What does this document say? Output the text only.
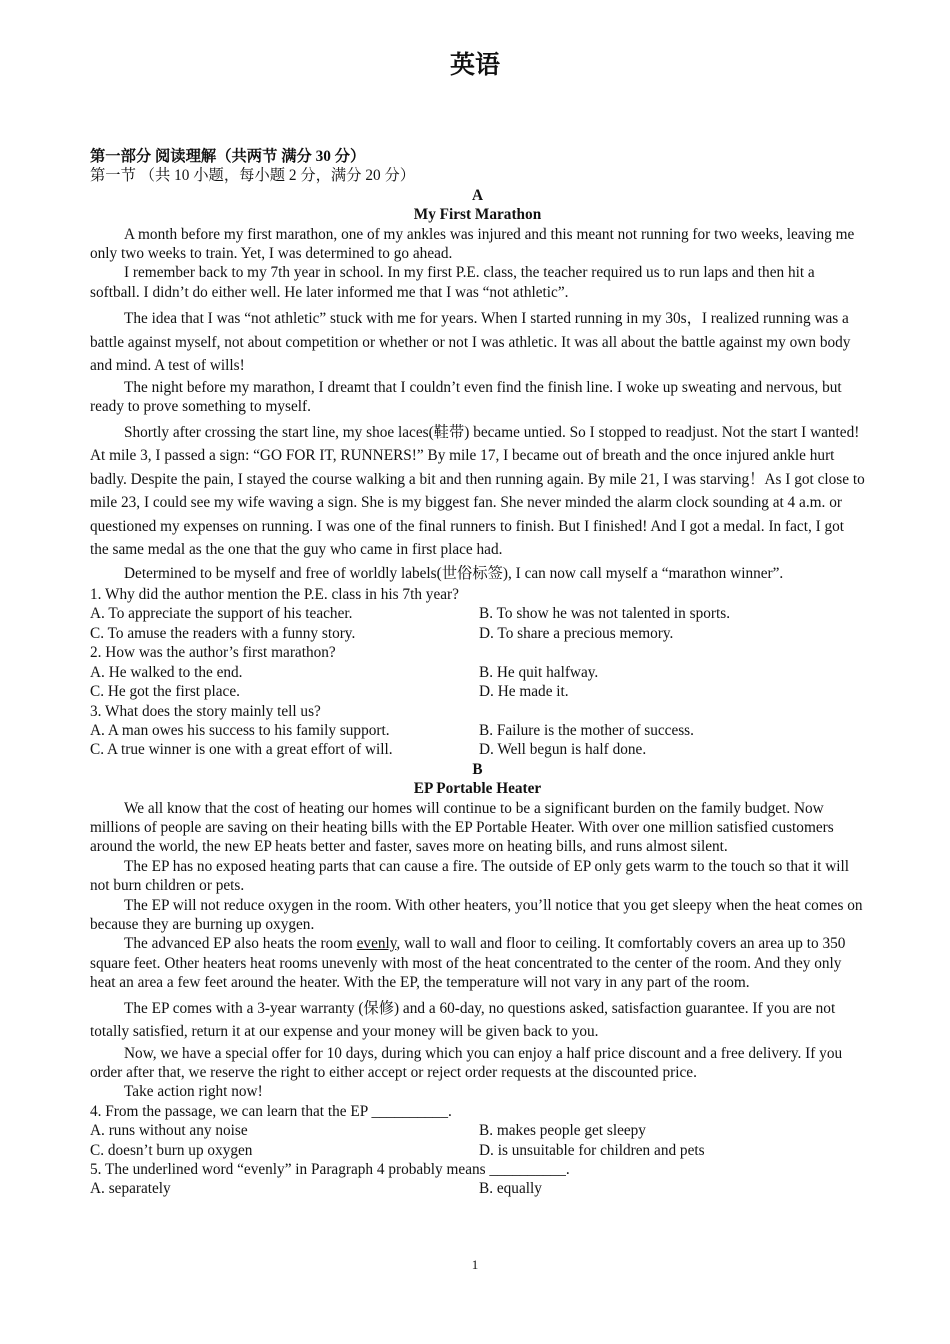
英语
第一部分 阅读理解（共两节 满分 30 分）
第一节 （共 10 小题，每小题 2 分，满分 20 分）
A
My First Marathon

A month before my first marathon, one of my ankles was injured and this meant not running for two weeks, leaving me only two weeks to train. Yet, I was determined to go ahead.

I remember back to my 7th year in school. In my first P.E. class, the teacher required us to run laps and then hit a softball. I didn’t do either well. He later informed me that I was “not athletic”.

The idea that I was “not athletic” stuck with me for years. When I started running in my 30s，I realized running was a battle against myself, not about competition or whether or not I was athletic. It was all about the battle against my own body and mind. A test of wills!

The night before my marathon, I dreamt that I couldn’t even find the finish line. I woke up sweating and nervous, but ready to prove something to myself.

Shortly after crossing the start line, my shoe laces(鞋带) became untied. So I stopped to readjust. Not the start I wanted! At mile 3, I passed a sign: “GO FOR IT, RUNNERS!” By mile 17, I became out of breath and the once injured ankle hurt badly. Despite the pain, I stayed the course walking a bit and then running again. By mile 21, I was starving！As I got close to mile 23, I could see my wife waving a sign. She is my biggest fan. She never minded the alarm clock sounding at 4 a.m. or questioned my expenses on running. I was one of the final runners to finish. But I finished! And I got a medal. In fact, I got the same medal as the one that the guy who came in first place had.

Determined to be myself and free of worldly labels(世俗标签), I can now call myself a “marathon winner”.

1. Why did the author mention the P.E. class in his 7th year?

A. To appreciate the support of his teacher.	B. To show he was not talented in sports.
C. To amuse the readers with a funny story.	D. To share a precious memory.

2. How was the author’s first marathon?

A. He walked to the end.	B. He quit halfway.
C. He got the first place.	D. He made it.

3. What does the story mainly tell us?

A. A man owes his success to his family support.	B. Failure is the mother of success.
C. A true winner is one with a great effort of will.	D. Well begun is half done.
B
EP Portable Heater

We all know that the cost of heating our homes will continue to be a significant burden on the family budget. Now millions of people are saving on their heating bills with the EP Portable Heater. With over one million satisfied customers around the world, the new EP heats better and faster, saves more on heating bills, and runs almost silent.

The EP has no exposed heating parts that can cause a fire. The outside of EP only gets warm to the touch so that it will not burn children or pets.

The EP will not reduce oxygen in the room. With other heaters, you’ll notice that you get sleepy when the heat comes on because they are burning up oxygen.

The advanced EP also heats the room evenly, wall to wall and floor to ceiling. It comfortably covers an area up to 350 square feet. Other heaters heat rooms unevenly with most of the heat concentrated to the center of the room. And they only heat an area a few feet around the heater. With the EP, the temperature will not vary in any part of the room.

The EP comes with a 3-year warranty (保修) and a 60-day, no questions asked, satisfaction guarantee. If you are not totally satisfied, return it at our expense and your money will be given back to you.

Now, we have a special offer for 10 days, during which you can enjoy a half price discount and a free delivery. If you order after that, we reserve the right to either accept or reject order requests at the discounted price.

Take action right now!

4. From the passage, we can learn that the EP __________.

A. runs without any noise	B. makes people get sleepy
C. doesn’t burn up oxygen	D. is unsuitable for children and pets

5. The underlined word “evenly” in Paragraph 4 probably means __________.

A. separately	B. equally
1
